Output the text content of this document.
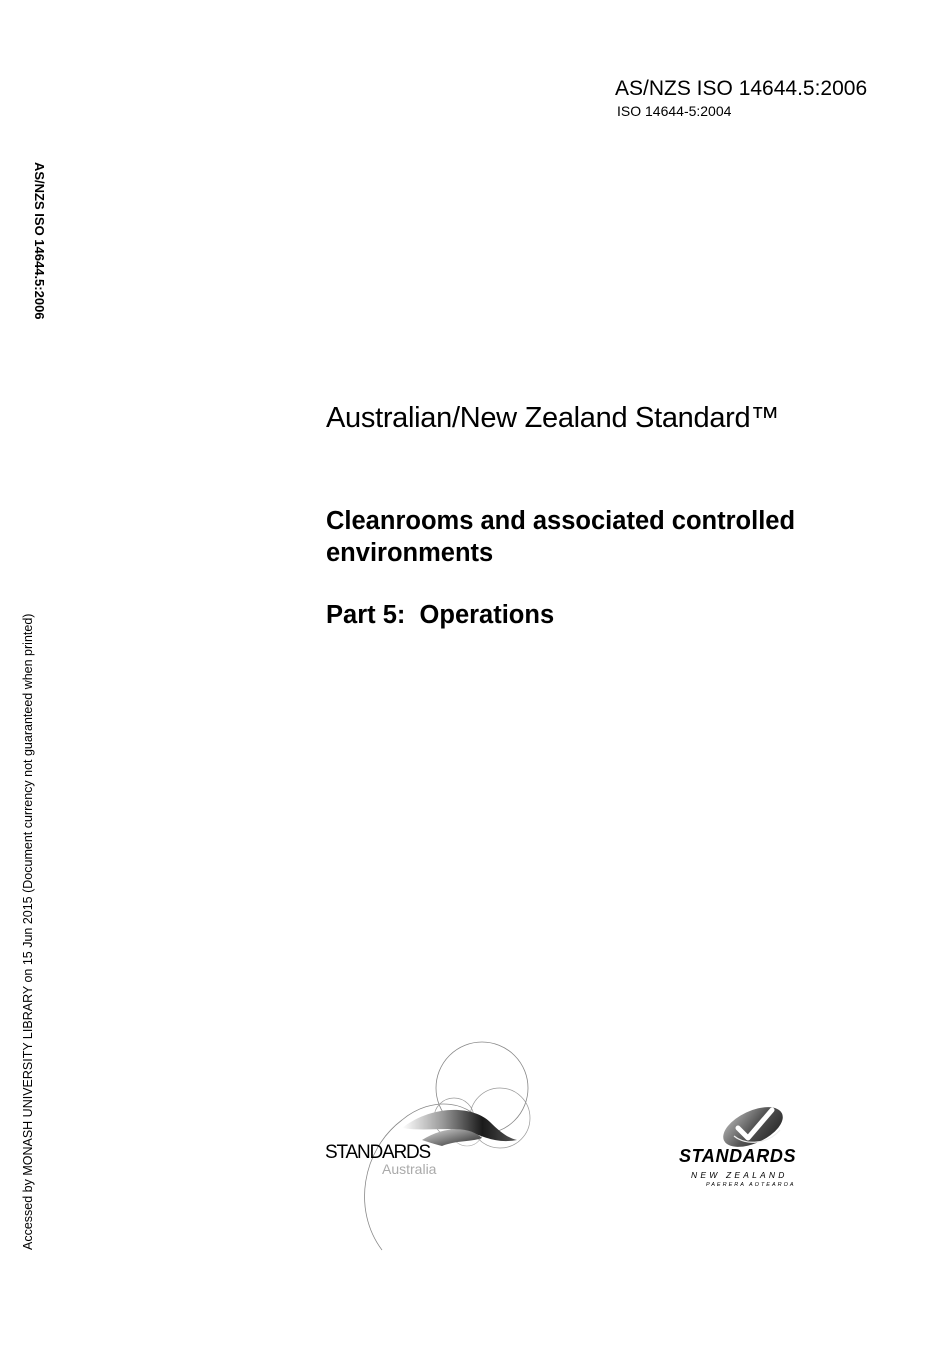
AS/NZS ISO 14644.5:2006
ISO 14644-5:2004
AS/NZS ISO 14644.5:2006
Accessed by MONASH UNIVERSITY LIBRARY on 15 Jun 2015 (Document currency not guaranteed when printed)
Australian/New Zealand Standard™
Cleanrooms and associated controlled environments
Part 5:  Operations
STANDARDS
Australia
STANDARDS
NEW ZEALAND
PAERERA AOTEAROA
